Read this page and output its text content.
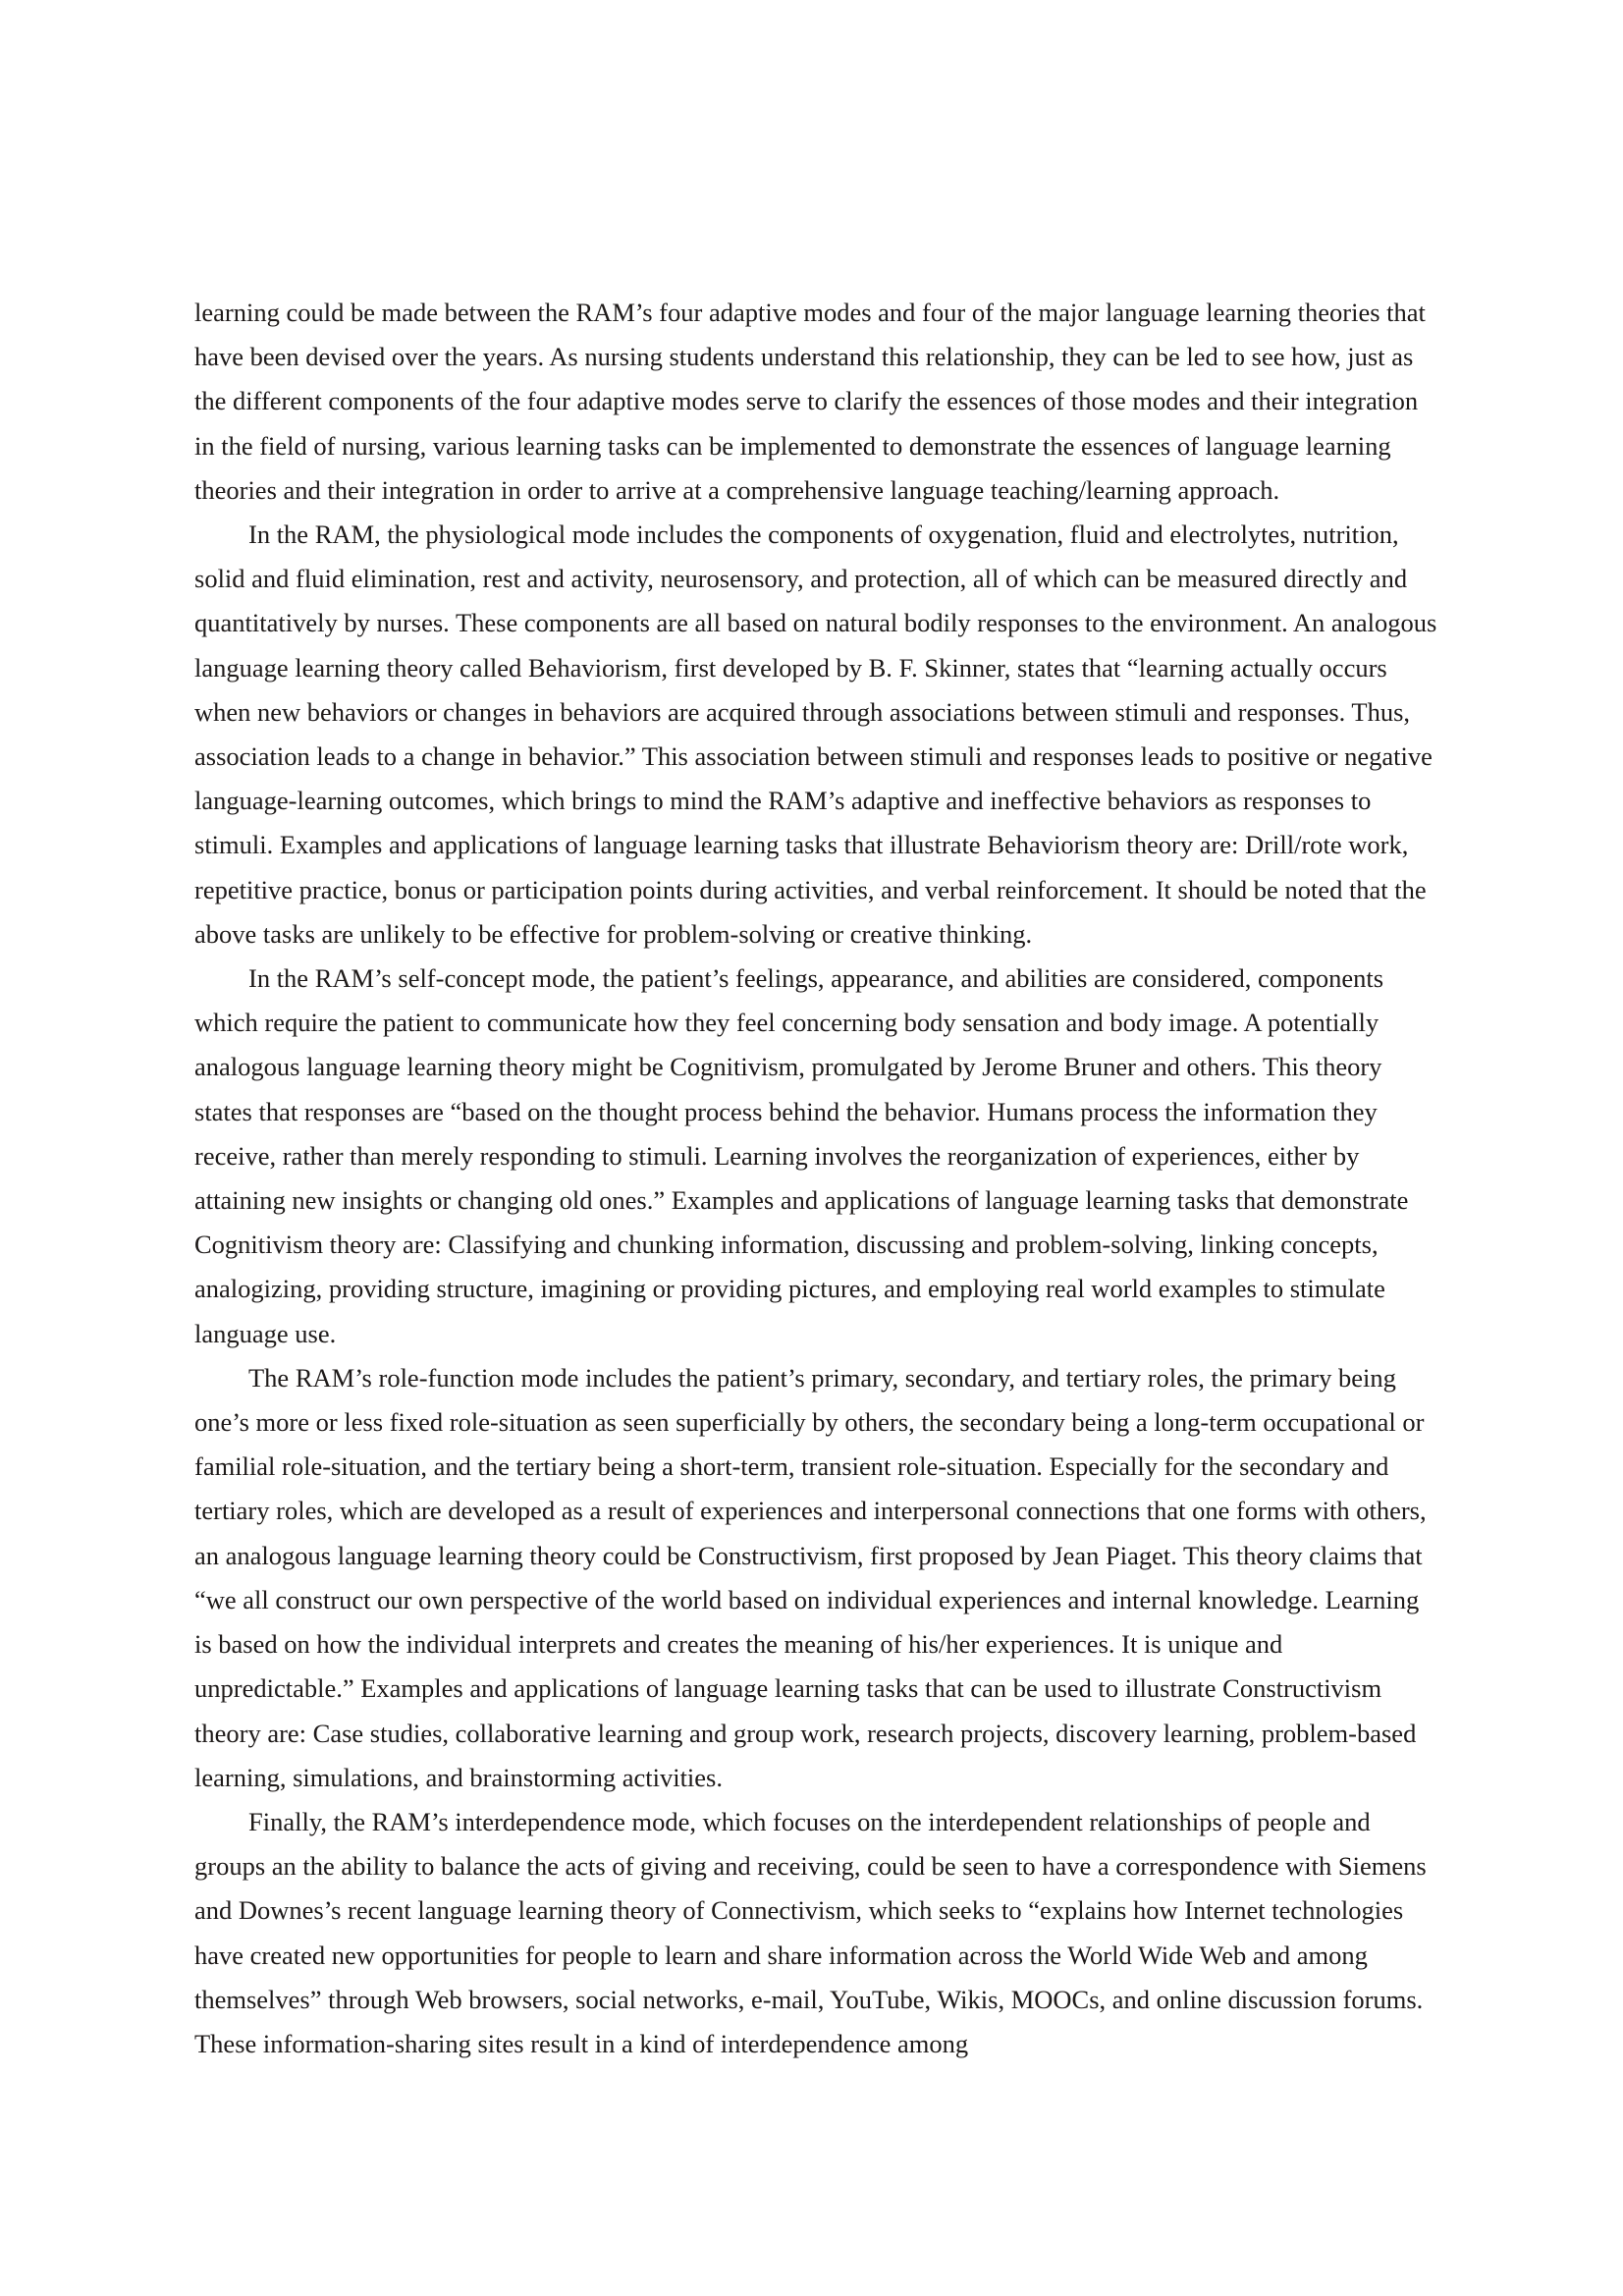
learning could be made between the RAM’s four adaptive modes and four of the major language learning theories that have been devised over the years. As nursing students understand this relationship, they can be led to see how, just as the different components of the four adaptive modes serve to clarify the essences of those modes and their integration in the field of nursing, various learning tasks can be implemented to demonstrate the essences of language learning theories and their integration in order to arrive at a comprehensive language teaching/learning approach.

In the RAM, the physiological mode includes the components of oxygenation, fluid and electrolytes, nutrition, solid and fluid elimination, rest and activity, neurosensory, and protection, all of which can be measured directly and quantitatively by nurses. These components are all based on natural bodily responses to the environment. An analogous language learning theory called Behaviorism, first developed by B. F. Skinner, states that “learning actually occurs when new behaviors or changes in behaviors are acquired through associations between stimuli and responses. Thus, association leads to a change in behavior.” This association between stimuli and responses leads to positive or negative language-learning outcomes, which brings to mind the RAM’s adaptive and ineffective behaviors as responses to stimuli. Examples and applications of language learning tasks that illustrate Behaviorism theory are: Drill/rote work, repetitive practice, bonus or participation points during activities, and verbal reinforcement. It should be noted that the above tasks are unlikely to be effective for problem-solving or creative thinking.

In the RAM’s self-concept mode, the patient’s feelings, appearance, and abilities are considered, components which require the patient to communicate how they feel concerning body sensation and body image. A potentially analogous language learning theory might be Cognitivism, promulgated by Jerome Bruner and others. This theory states that responses are “based on the thought process behind the behavior. Humans process the information they receive, rather than merely responding to stimuli. Learning involves the reorganization of experiences, either by attaining new insights or changing old ones.” Examples and applications of language learning tasks that demonstrate Cognitivism theory are: Classifying and chunking information, discussing and problem-solving, linking concepts, analogizing, providing structure, imagining or providing pictures, and employing real world examples to stimulate language use.

The RAM’s role-function mode includes the patient’s primary, secondary, and tertiary roles, the primary being one’s more or less fixed role-situation as seen superficially by others, the secondary being a long-term occupational or familial role-situation, and the tertiary being a short-term, transient role-situation. Especially for the secondary and tertiary roles, which are developed as a result of experiences and interpersonal connections that one forms with others, an analogous language learning theory could be Constructivism, first proposed by Jean Piaget. This theory claims that “we all construct our own perspective of the world based on individual experiences and internal knowledge. Learning is based on how the individual interprets and creates the meaning of his/her experiences. It is unique and unpredictable.” Examples and applications of language learning tasks that can be used to illustrate Constructivism theory are: Case studies, collaborative learning and group work, research projects, discovery learning, problem-based learning, simulations, and brainstorming activities.

Finally, the RAM’s interdependence mode, which focuses on the interdependent relationships of people and groups an the ability to balance the acts of giving and receiving, could be seen to have a correspondence with Siemens and Downes’s recent language learning theory of Connectivism, which seeks to “explains how Internet technologies have created new opportunities for people to learn and share information across the World Wide Web and among themselves” through Web browsers, social networks, e-mail, YouTube, Wikis, MOOCs, and online discussion forums. These information-sharing sites result in a kind of interdependence among
